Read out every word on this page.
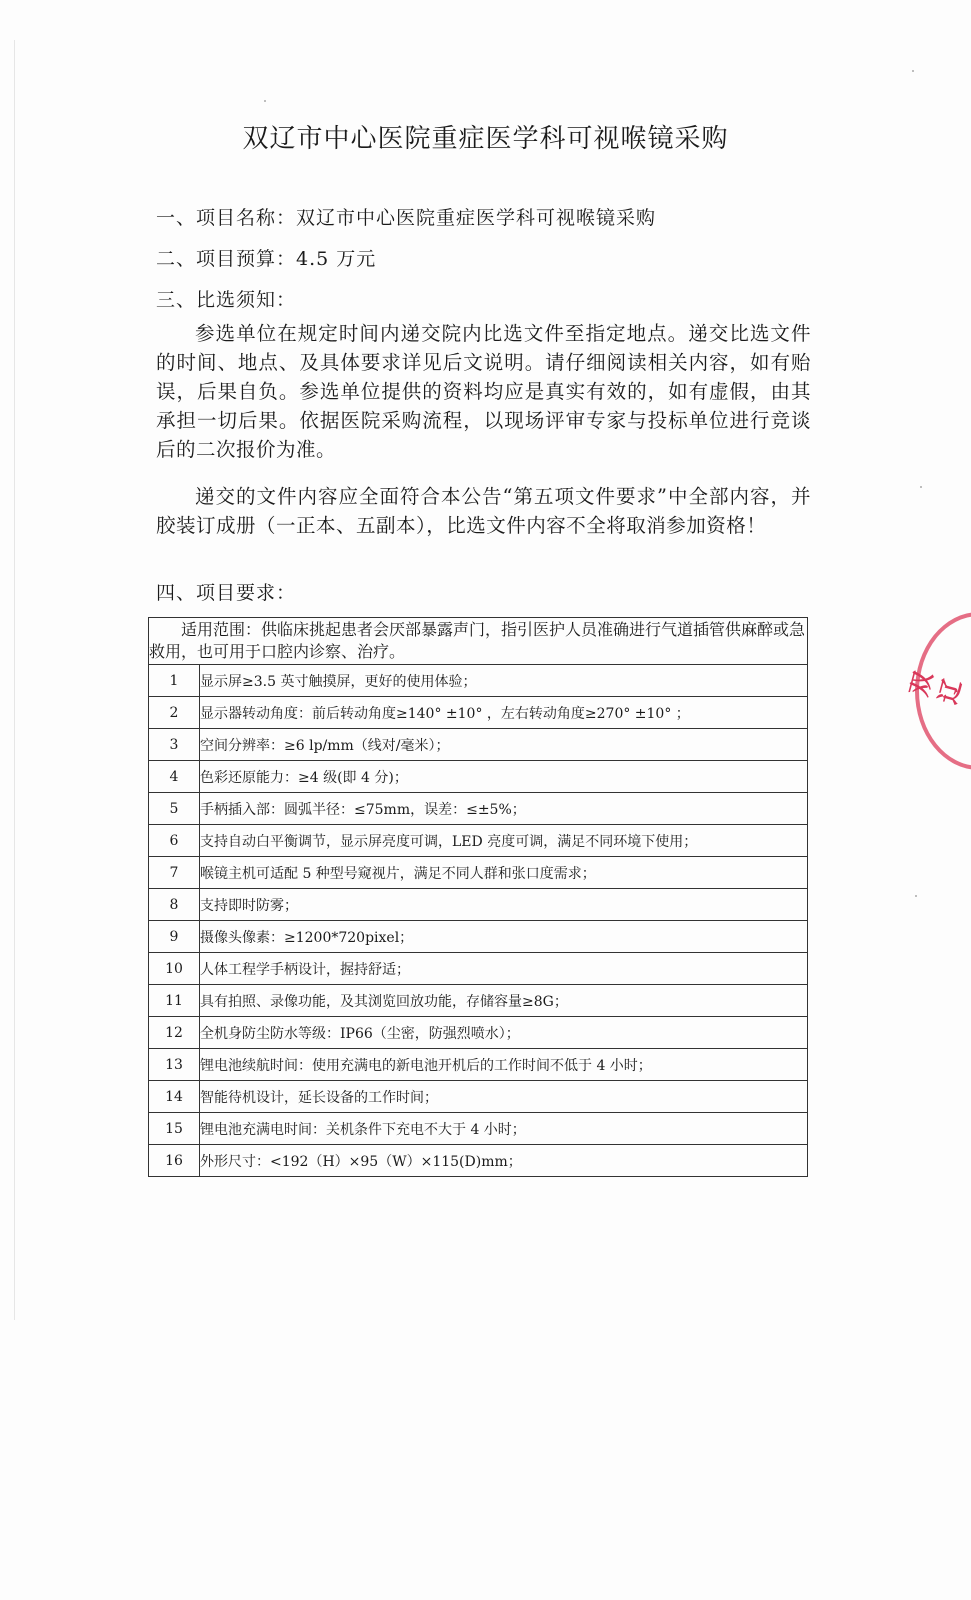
双辽市中心医院重症医学科可视喉镜采购
一、项目名称：双辽市中心医院重症医学科可视喉镜采购
二、项目预算：4.5 万元
三、比选须知：

参选单位在规定时间内递交院内比选文件至指定地点。递交比选文件的时间、地点、及具体要求详见后文说明。请仔细阅读相关内容，如有贻误，后果自负。参选单位提供的资料均应是真实有效的，如有虚假，由其承担一切后果。依据医院采购流程，以现场评审专家与投标单位进行竞谈后的二次报价为准。

递交的文件内容应全面符合本公告“第五项文件要求”中全部内容，并胶装订成册（一正本、五副本），比选文件内容不全将取消参加资格！

四、项目要求：
适用范围：供临床挑起患者会厌部暴露声门，指引医护人员准确进行气道插管供麻醉或急救用，也可用于口腔内诊察、治疗。	
1	显示屏≥3.5 英寸触摸屏，更好的使用体验；
2	显示器转动角度：前后转动角度≥140° ±10° ，左右转动角度≥270° ±10° ；
3	空间分辨率：≥6 lp/mm（线对/毫米）；
4	色彩还原能力：≥4 级(即 4 分)；
5	手柄插入部：圆弧半径：≤75mm，误差：≤±5%；
6	支持自动白平衡调节，显示屏亮度可调，LED 亮度可调，满足不同环境下使用；
7	喉镜主机可适配 5 种型号窥视片，满足不同人群和张口度需求；
8	支持即时防雾；
9	摄像头像素：≥1200*720pixel；
10	人体工程学手柄设计，握持舒适；
11	具有拍照、录像功能，及其浏览回放功能，存储容量≥8G；
12	全机身防尘防水等级：IP66（尘密，防强烈喷水）；
13	锂电池续航时间：使用充满电的新电池开机后的工作时间不低于 4 小时；
14	智能待机设计，延长设备的工作时间；
15	锂电池充满电时间：关机条件下充电不大于 4 小时；
16	外形尺寸：<192（H）×95（W）×115(D)mm；
双辽
